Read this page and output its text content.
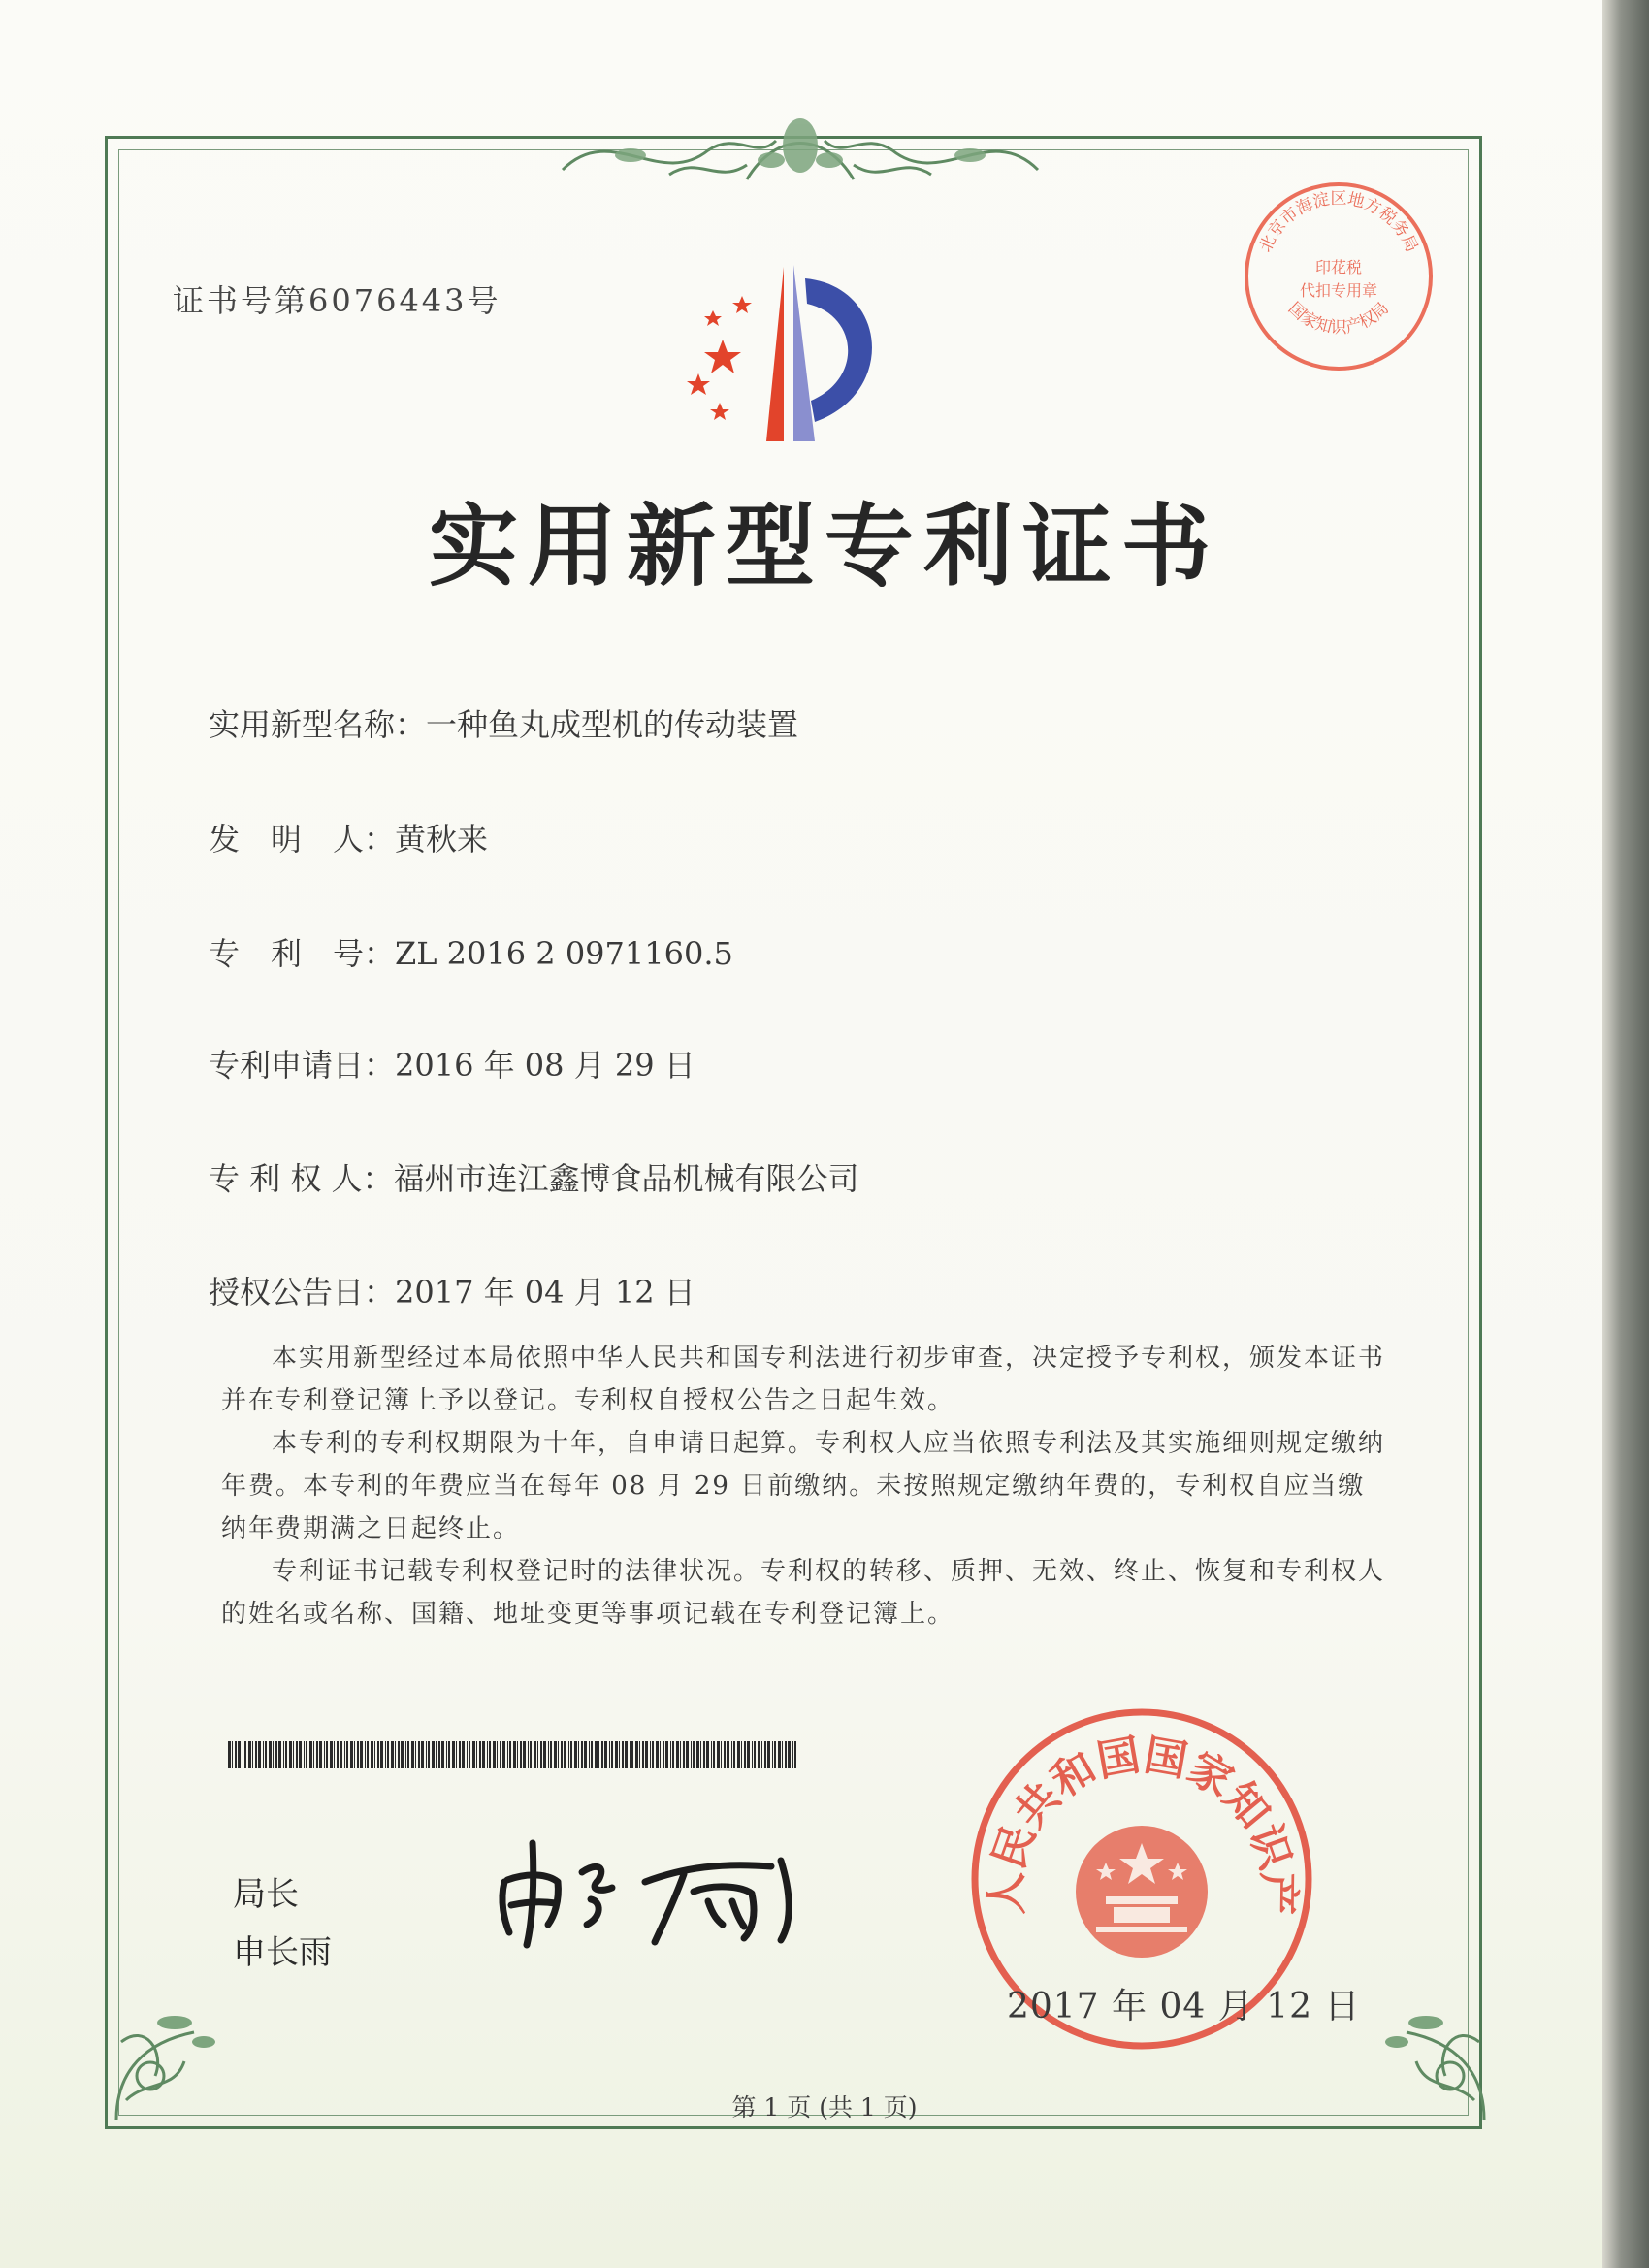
证书号第6076443号
北京市海淀区地方税务局
国家知识产权局
印花税
代扣专用章
实用新型专利证书
实用新型名称：一种鱼丸成型机的传动装置
发　明　人：黄秋来
专　利　号：ZL 2016 2 0971160.5
专利申请日：2016 年 08 月 29 日
专 利 权 人：福州市连江鑫博食品机械有限公司
授权公告日：2017 年 04 月 12 日

本实用新型经过本局依照中华人民共和国专利法进行初步审查，决定授予专利权，颁发本证书并在专利登记簿上予以登记。专利权自授权公告之日起生效。

本专利的专利权期限为十年，自申请日起算。专利权人应当依照专利法及其实施细则规定缴纳年费。本专利的年费应当在每年 08 月 29 日前缴纳。未按照规定缴纳年费的，专利权自应当缴纳年费期满之日起终止。

专利证书记载专利权登记时的法律状况。专利权的转移、质押、无效、终止、恢复和专利权人的姓名或名称、国籍、地址变更等事项记载在专利登记簿上。

局长
申长雨
人民共和国国家知识产
2017 年 04 月 12 日
第 1 页 (共 1 页)
